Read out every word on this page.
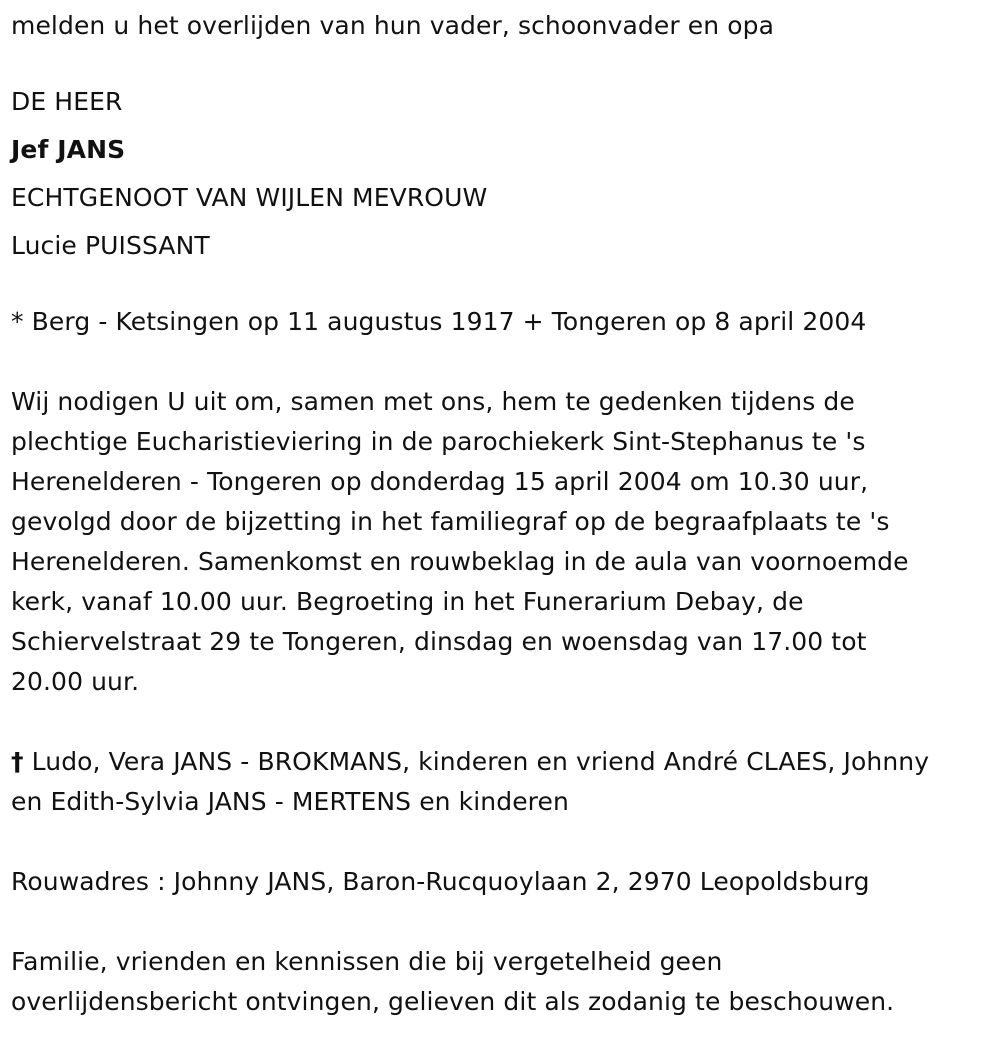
melden u het overlijden van hun vader, schoonvader en opa
DE HEER
Jef JANS
ECHTGENOOT VAN WIJLEN MEVROUW
Lucie PUISSANT
* Berg - Ketsingen op 11 augustus 1917 + Tongeren op 8 april 2004
Wij nodigen U uit om, samen met ons, hem te gedenken tijdens de
plechtige Eucharistieviering in de parochiekerk Sint-Stephanus te 's
Herenelderen - Tongeren op donderdag 15 april 2004 om 10.30 uur,
gevolgd door de bijzetting in het familiegraf op de begraafplaats te 's
Herenelderen. Samenkomst en rouwbeklag in de aula van voornoemde
kerk, vanaf 10.00 uur. Begroeting in het Funerarium Debay, de
Schiervelstraat 29 te Tongeren, dinsdag en woensdag van 17.00 tot
20.00 uur.
† Ludo, Vera JANS - BROKMANS, kinderen en vriend André CLAES, Johnny
en Edith-Sylvia JANS - MERTENS en kinderen
Rouwadres : Johnny JANS, Baron-Rucquoylaan 2, 2970 Leopoldsburg
Familie, vrienden en kennissen die bij vergetelheid geen
overlijdensbericht ontvingen, gelieven dit als zodanig te beschouwen.
